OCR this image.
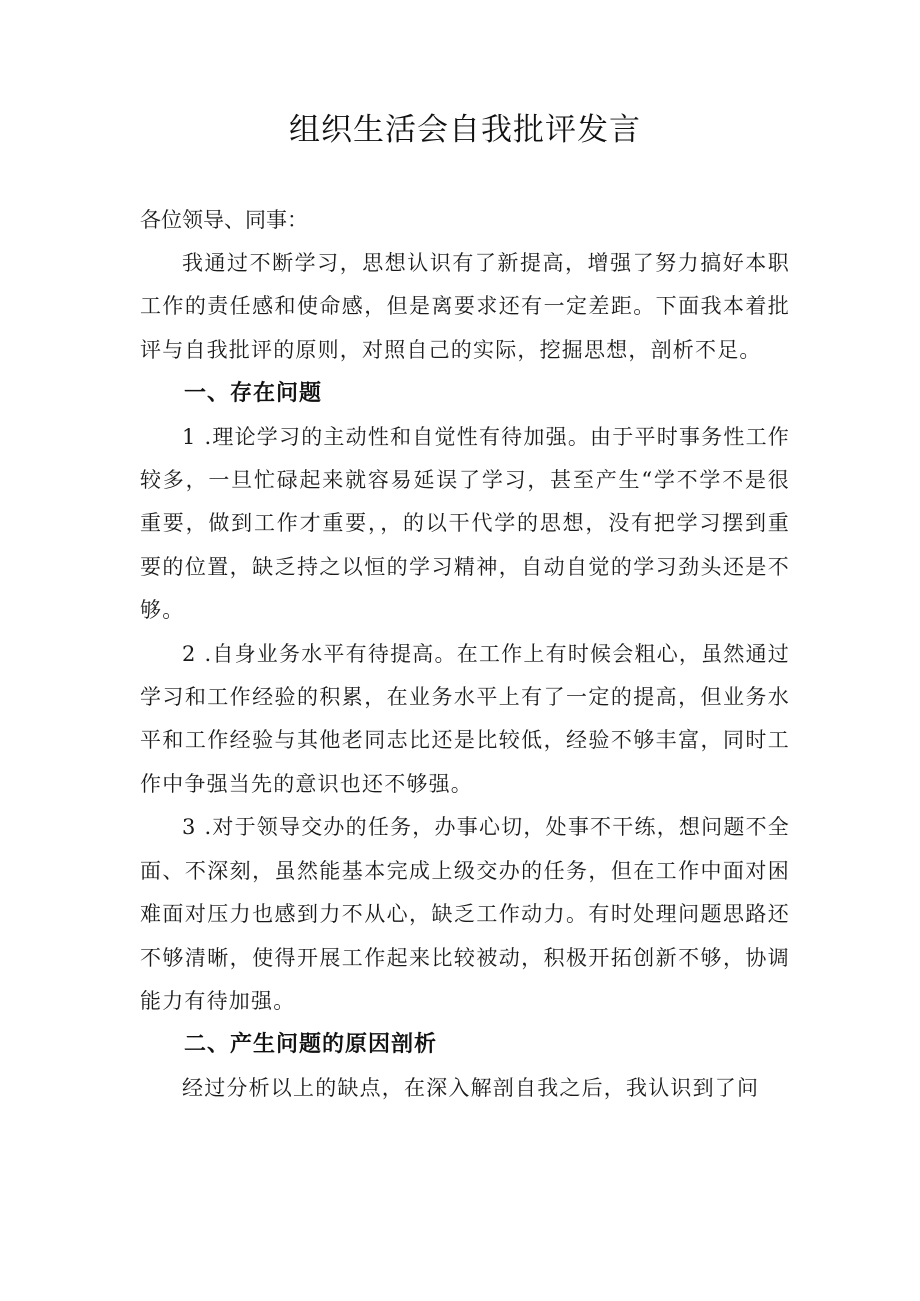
组织生活会自我批评发言

各位领导、同事：

我通过不断学习，思想认识有了新提高，增强了努力搞好本职工作的责任感和使命感，但是离要求还有一定差距。下面我本着批评与自我批评的原则，对照自己的实际，挖掘思想，剖析不足。

一、存在问题

1 .理论学习的主动性和自觉性有待加强。由于平时事务性工作较多，一旦忙碌起来就容易延误了学习，甚至产生“学不学不是很重要，做到工作才重要，，的以干代学的思想，没有把学习摆到重要的位置，缺乏持之以恒的学习精神，自动自觉的学习劲头还是不够。

2 .自身业务水平有待提高。在工作上有时候会粗心，虽然通过学习和工作经验的积累，在业务水平上有了一定的提高，但业务水平和工作经验与其他老同志比还是比较低，经验不够丰富，同时工作中争强当先的意识也还不够强。

3 .对于领导交办的任务，办事心切，处事不干练，想问题不全面、不深刻，虽然能基本完成上级交办的任务，但在工作中面对困难面对压力也感到力不从心，缺乏工作动力。有时处理问题思路还不够清晰，使得开展工作起来比较被动，积极开拓创新不够，协调能力有待加强。

二、产生问题的原因剖析

经过分析以上的缺点，在深入解剖自我之后，我认识到了问
